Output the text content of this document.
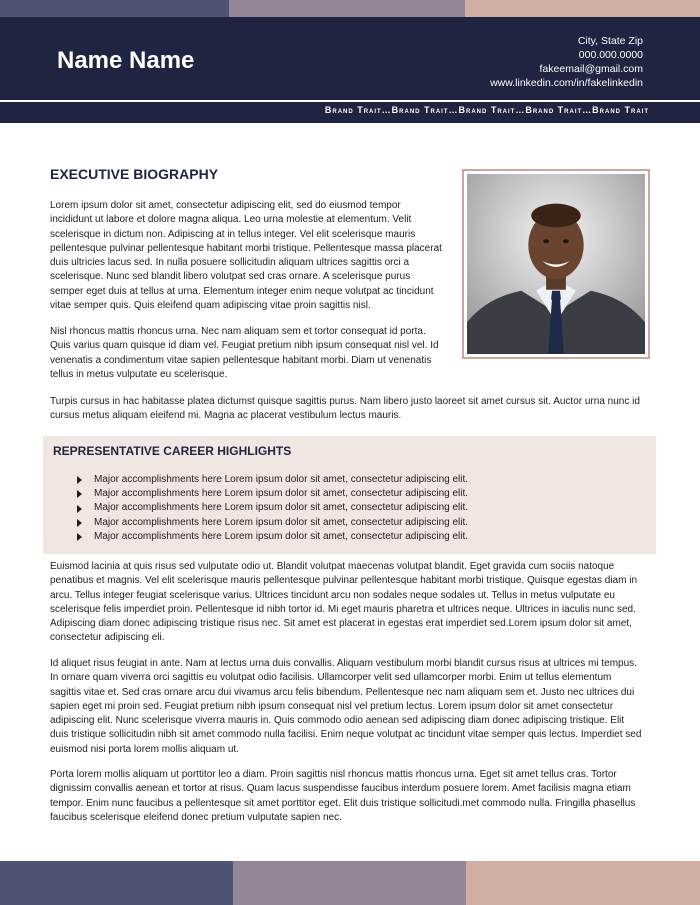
Name Name
City, State Zip
000.000.0000
fakeemail@gmail.com
www.linkedin.com/in/fakelinkedin
Brand Trait…Brand Trait…Brand Trait…Brand Trait…Brand Trait
EXECUTIVE BIOGRAPHY

Lorem ipsum dolor sit amet, consectetur adipiscing elit, sed do eiusmod tempor incididunt ut labore et dolore magna aliqua. Leo urna molestie at elementum. Velit scelerisque in dictum non. Adipiscing at in tellus integer. Vel elit scelerisque mauris pellentesque pulvinar pellentesque habitant morbi tristique. Pellentesque massa placerat duis ultricies lacus sed. In nulla posuere sollicitudin aliquam ultrices sagittis orci a scelerisque. Nunc sed blandit libero volutpat sed cras ornare. A scelerisque purus semper eget duis at tellus at urna. Elementum integer enim neque volutpat ac tincidunt vitae semper quis. Quis eleifend quam adipiscing vitae proin sagittis nisl.

Nisl rhoncus mattis rhoncus urna. Nec nam aliquam sem et tortor consequat id porta. Quis varius quam quisque id diam vel. Feugiat pretium nibh ipsum consequat nisl vel. Id venenatis a condimentum vitae sapien pellentesque habitant morbi. Diam ut venenatis tellus in metus vulputate eu scelerisque.

Turpis cursus in hac habitasse platea dictumst quisque sagittis purus. Nam libero justo laoreet sit amet cursus sit. Auctor urna nunc id cursus metus aliquam eleifend mi. Magna ac placerat vestibulum lectus mauris.

REPRESENTATIVE CAREER HIGHLIGHTS
Major accomplishments here Lorem ipsum dolor sit amet, consectetur adipiscing elit.
Major accomplishments here Lorem ipsum dolor sit amet, consectetur adipiscing elit.
Major accomplishments here Lorem ipsum dolor sit amet, consectetur adipiscing elit.
Major accomplishments here Lorem ipsum dolor sit amet, consectetur adipiscing elit.
Major accomplishments here Lorem ipsum dolor sit amet, consectetur adipiscing elit.

Euismod lacinia at quis risus sed vulputate odio ut. Blandit volutpat maecenas volutpat blandit. Eget gravida cum sociis natoque penatibus et magnis. Vel elit scelerisque mauris pellentesque pulvinar pellentesque habitant morbi tristique. Quisque egestas diam in arcu. Tellus integer feugiat scelerisque varius. Ultrices tincidunt arcu non sodales neque sodales ut. Tellus in metus vulputate eu scelerisque felis imperdiet proin. Pellentesque id nibh tortor id. Mi eget mauris pharetra et ultrices neque. Ultrices in iaculis nunc sed. Adipiscing diam donec adipiscing tristique risus nec. Sit amet est placerat in egestas erat imperdiet sed.Lorem ipsum dolor sit amet, consectetur adipiscing eli.

Id aliquet risus feugiat in ante. Nam at lectus urna duis convallis. Aliquam vestibulum morbi blandit cursus risus at ultrices mi tempus. In ornare quam viverra orci sagittis eu volutpat odio facilisis. Ullamcorper velit sed ullamcorper morbi. Enim ut tellus elementum sagittis vitae et. Sed cras ornare arcu dui vivamus arcu felis bibendum. Pellentesque nec nam aliquam sem et. Justo nec ultrices dui sapien eget mi proin sed. Feugiat pretium nibh ipsum consequat nisl vel pretium lectus. Lorem ipsum dolor sit amet consectetur adipiscing elit. Nunc scelerisque viverra mauris in. Quis commodo odio aenean sed adipiscing diam donec adipiscing tristique. Elit duis tristique sollicitudin nibh sit amet commodo nulla facilisi. Enim neque volutpat ac tincidunt vitae semper quis lectus. Imperdiet sed euismod nisi porta lorem mollis aliquam ut.

Porta lorem mollis aliquam ut porttitor leo a diam. Proin sagittis nisl rhoncus mattis rhoncus urna. Eget sit amet tellus cras. Tortor dignissim convallis aenean et tortor at risus. Quam lacus suspendisse faucibus interdum posuere lorem. Amet facilisis magna etiam tempor. Enim nunc faucibus a pellentesque sit amet porttitor eget. Elit duis tristique sollicitudi.met commodo nulla. Fringilla phasellus faucibus scelerisque eleifend donec pretium vulputate sapien nec.
